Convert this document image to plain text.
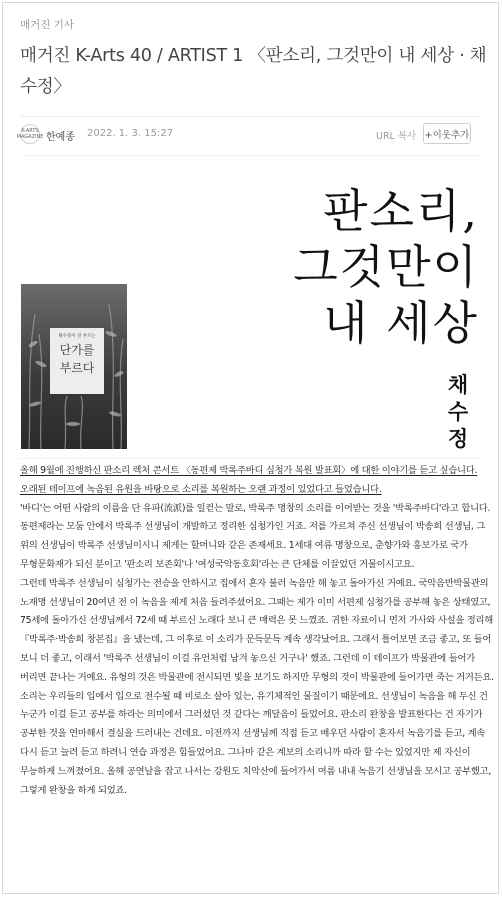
매거진 기사
매거진 K-Arts 40 / ARTIST 1 〈판소리, 그것만이 내 세상 · 채수정〉
K-ARTS MAGAZINE 한예종 2022. 1. 3. 15:27	URL 복사 +이웃추가
채수정이 전 부르는
단가를
부르다
판소리,
그것만이
내 세상
채
수
정

올해 9월에 진행하신 판소리 렉처 콘서트 〈동편제 박록주바디 심청가 복원 발표회〉에 대한 이야기를 듣고 싶습니다. 오래된 테이프에 녹음된 유원을 바탕으로 소리를 복원하는 오랜 과정이 있었다고 들었습니다.

'바디'는 어떤 사람의 이름을 단 유파(流派)를 일컫는 말로, 박록주 명창의 소리를 이어받는 것을 '박록주바디'라고 합니다. 동편제라는 모둠 안에서 박록주 선생님이 개발하고 정리한 심청가인 거죠. 저를 가르쳐 주신 선생님이 박송희 선생님, 그 위의 선생님이 박록주 선생님이시니 제게는 할머니와 같은 존재세요. 1세대 여류 명창으로, 춘향가와 흥보가로 국가 무형문화재가 되신 분이고 '판소리 보존회'나 '여성국악동호회'라는 큰 단체를 이끌었던 거물이시고요.

그런데 박록주 선생님이 심청가는 전승을 안하시고 집에서 혼자 불러 녹음만 해 놓고 돌아가신 거예요. 국악음반박물관의 노재명 선생님이 20여년 전 이 녹음을 제게 처음 들려주셨어요. 그때는 제가 이미 서편제 심청가를 공부해 놓은 상태였고, 75세에 돌아가신 선생님께서 72세 때 부르신 노래다 보니 큰 매력은 못 느꼈죠. 귀한 자료이니 먼저 가사와 사설을 정리해 『박록주·박송희 창본집』을 냈는데, 그 이후로 이 소리가 문득문득 계속 생각났어요. 그래서 틀어보면 조금 좋고, 또 들어 보니 더 좋고, 이래서 '박록주 선생님이 이걸 유언처럼 남겨 놓으신 거구나' 했죠. 그런데 이 테이프가 박물관에 들어가 버리면 끝나는 거예요. 유형의 것은 박물관에 전시되면 빛을 보기도 하지만 무형의 것이 박물관에 들어가면 죽는 거거든요. 소리는 우리들의 입에서 입으로 전수될 때 비로소 살아 있는, 유기체적인 물질이기 때문에요. 선생님이 녹음을 해 두신 건 누군가 이걸 듣고 공부를 하라는 의미에서 그러셨던 것 같다는 깨달음이 들었어요. 판소리 완창을 발표한다는 건 자기가 공부한 것을 연마해서 결실을 드러내는 건데요. 이전까지 선생님께 직접 듣고 배우던 사람이 혼자서 녹음기를 듣고, 계속 다시 듣고 늘려 듣고 하려니 연습 과정은 힘들었어요. 그나마 같은 계보의 소리니까 따라 할 수는 있었지만 제 자신이 무능하게 느껴졌어요. 올해 공연날을 잡고 나서는 강원도 치악산에 들어가서 여름 내내 녹음기 선생님을 모시고 공부했고, 그렇게 완창을 하게 되었죠.
